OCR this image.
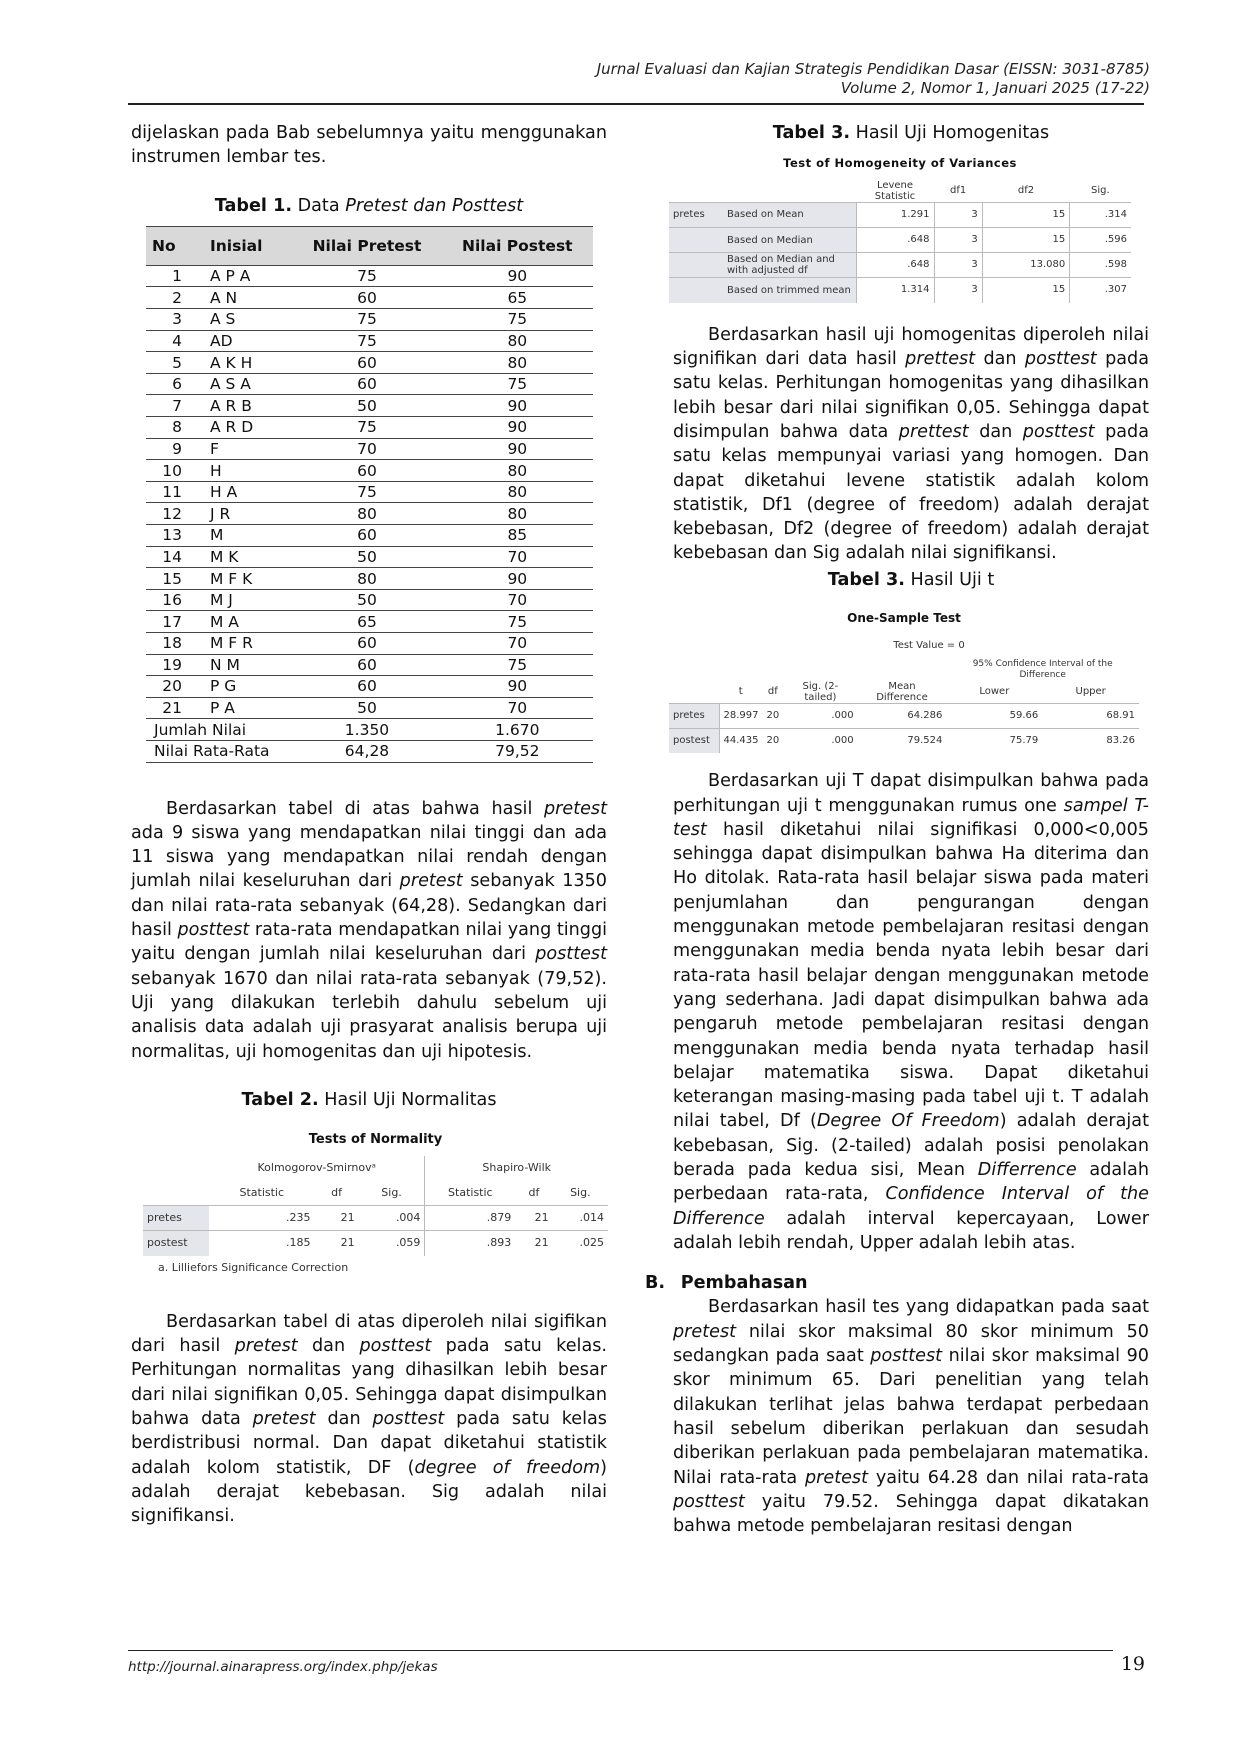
Jurnal Evaluasi dan Kajian Strategis Pendidikan Dasar (EISSN: 3031-8785)
Volume 2, Nomor 1, Januari 2025 (17-22)

dijelaskan pada Bab sebelumnya yaitu menggunakan instrumen lembar tes.

Tabel 1. Data Pretest dan Posttest
No	Inisial	Nilai Pretest	Nilai Postest
1	A P A	75	90
2	A N	60	65
3	A S	75	75
4	AD	75	80
5	A K H	60	80
6	A S A	60	75
7	A R B	50	90
8	A R D	75	90
9	F	70	90
10	H	60	80
11	H A	75	80
12	J R	80	80
13	M	60	85
14	M K	50	70
15	M F K	80	90
16	M J	50	70
17	M A	65	75
18	M F R	60	70
19	N M	60	75
20	P G	60	90
21	P A	50	70
Jumlah Nilai		1.350	1.670
Nilai Rata-Rata		64,28	79,52

Berdasarkan tabel di atas bahwa hasil pretest ada 9 siswa yang mendapatkan nilai tinggi dan ada 11 siswa yang mendapatkan nilai rendah dengan jumlah nilai keseluruhan dari pretest sebanyak 1350 dan nilai rata-rata sebanyak (64,28). Sedangkan dari hasil posttest rata-rata mendapatkan nilai yang tinggi yaitu dengan jumlah nilai keseluruhan dari posttest sebanyak 1670 dan nilai rata-rata sebanyak (79,52). Uji yang dilakukan terlebih dahulu sebelum uji analisis data adalah uji prasyarat analisis berupa uji normalitas, uji homogenitas dan uji hipotesis.

Tabel 2. Hasil Uji Normalitas
Tests of Normality
	Kolmogorov-Smirnovᵃ			Shapiro-Wilk		
	Statistic	df	Sig.	Statistic	df	Sig.
pretes	.235	21	.004	.879	21	.014
postest	.185	21	.059	.893	21	.025
a. Lilliefors Significance Correction

Berdasarkan tabel di atas diperoleh nilai sigifikan dari hasil pretest dan posttest pada satu kelas. Perhitungan normalitas yang dihasilkan lebih besar dari nilai signifikan 0,05. Sehingga dapat disimpulkan bahwa data pretest dan posttest pada satu kelas berdistribusi normal. Dan dapat diketahui statistik adalah kolom statistik, DF (degree of freedom) adalah derajat kebebasan. Sig adalah nilai signifikansi.

Tabel 3. Hasil Uji Homogenitas
Test of Homogeneity of Variances
		Levene Statistic	df1	df2	Sig.
pretes	Based on Mean	1.291	3	15	.314
	Based on Median	.648	3	15	.596
	Based on Median and with adjusted df	.648	3	13.080	.598
	Based on trimmed mean	1.314	3	15	.307

Berdasarkan hasil uji homogenitas diperoleh nilai signifikan dari data hasil prettest dan posttest pada satu kelas. Perhitungan homogenitas yang dihasilkan lebih besar dari nilai signifikan 0,05. Sehingga dapat disimpulan bahwa data prettest dan posttest pada satu kelas mempunyai variasi yang homogen. Dan dapat diketahui levene statistik adalah kolom statistik, Df1 (degree of freedom) adalah derajat kebebasan, Df2 (degree of freedom) adalah derajat kebebasan dan Sig adalah nilai signifikansi.

Tabel 3. Hasil Uji t
One-Sample Test
	Test Value = 0					
					95% Confidence Interval of the Difference	
	t	df	Sig. (2-tailed)	Mean Difference	Lower	Upper
pretes	28.997	20	.000	64.286	59.66	68.91
postest	44.435	20	.000	79.524	75.79	83.26

Berdasarkan uji T dapat disimpulkan bahwa pada perhitungan uji t menggunakan rumus one sampel T-test hasil diketahui nilai signifikasi 0,000<0,005 sehingga dapat disimpulkan bahwa Ha diterima dan Ho ditolak. Rata-rata hasil belajar siswa pada materi penjumlahan dan pengurangan dengan menggunakan metode pembelajaran resitasi dengan menggunakan media benda nyata lebih besar dari rata-rata hasil belajar dengan menggunakan metode yang sederhana. Jadi dapat disimpulkan bahwa ada pengaruh metode pembelajaran resitasi dengan menggunakan media benda nyata terhadap hasil belajar matematika siswa. Dapat diketahui keterangan masing-masing pada tabel uji t. T adalah nilai tabel, Df (Degree Of Freedom) adalah derajat kebebasan, Sig. (2-tailed) adalah posisi penolakan berada pada kedua sisi, Mean Differrence adalah perbedaan rata-rata, Confidence Interval of the Difference adalah interval kepercayaan, Lower adalah lebih rendah, Upper adalah lebih atas.

B. Pembahasan

Berdasarkan hasil tes yang didapatkan pada saat pretest nilai skor maksimal 80 skor minimum 50 sedangkan pada saat posttest nilai skor maksimal 90 skor minimum 65. Dari penelitian yang telah dilakukan terlihat jelas bahwa terdapat perbedaan hasil sebelum diberikan perlakuan dan sesudah diberikan perlakuan pada pembelajaran matematika. Nilai rata-rata pretest yaitu 64.28 dan nilai rata-rata posttest yaitu 79.52. Sehingga dapat dikatakan bahwa metode pembelajaran resitasi dengan

http://journal.ainarapress.org/index.php/jekas	19
